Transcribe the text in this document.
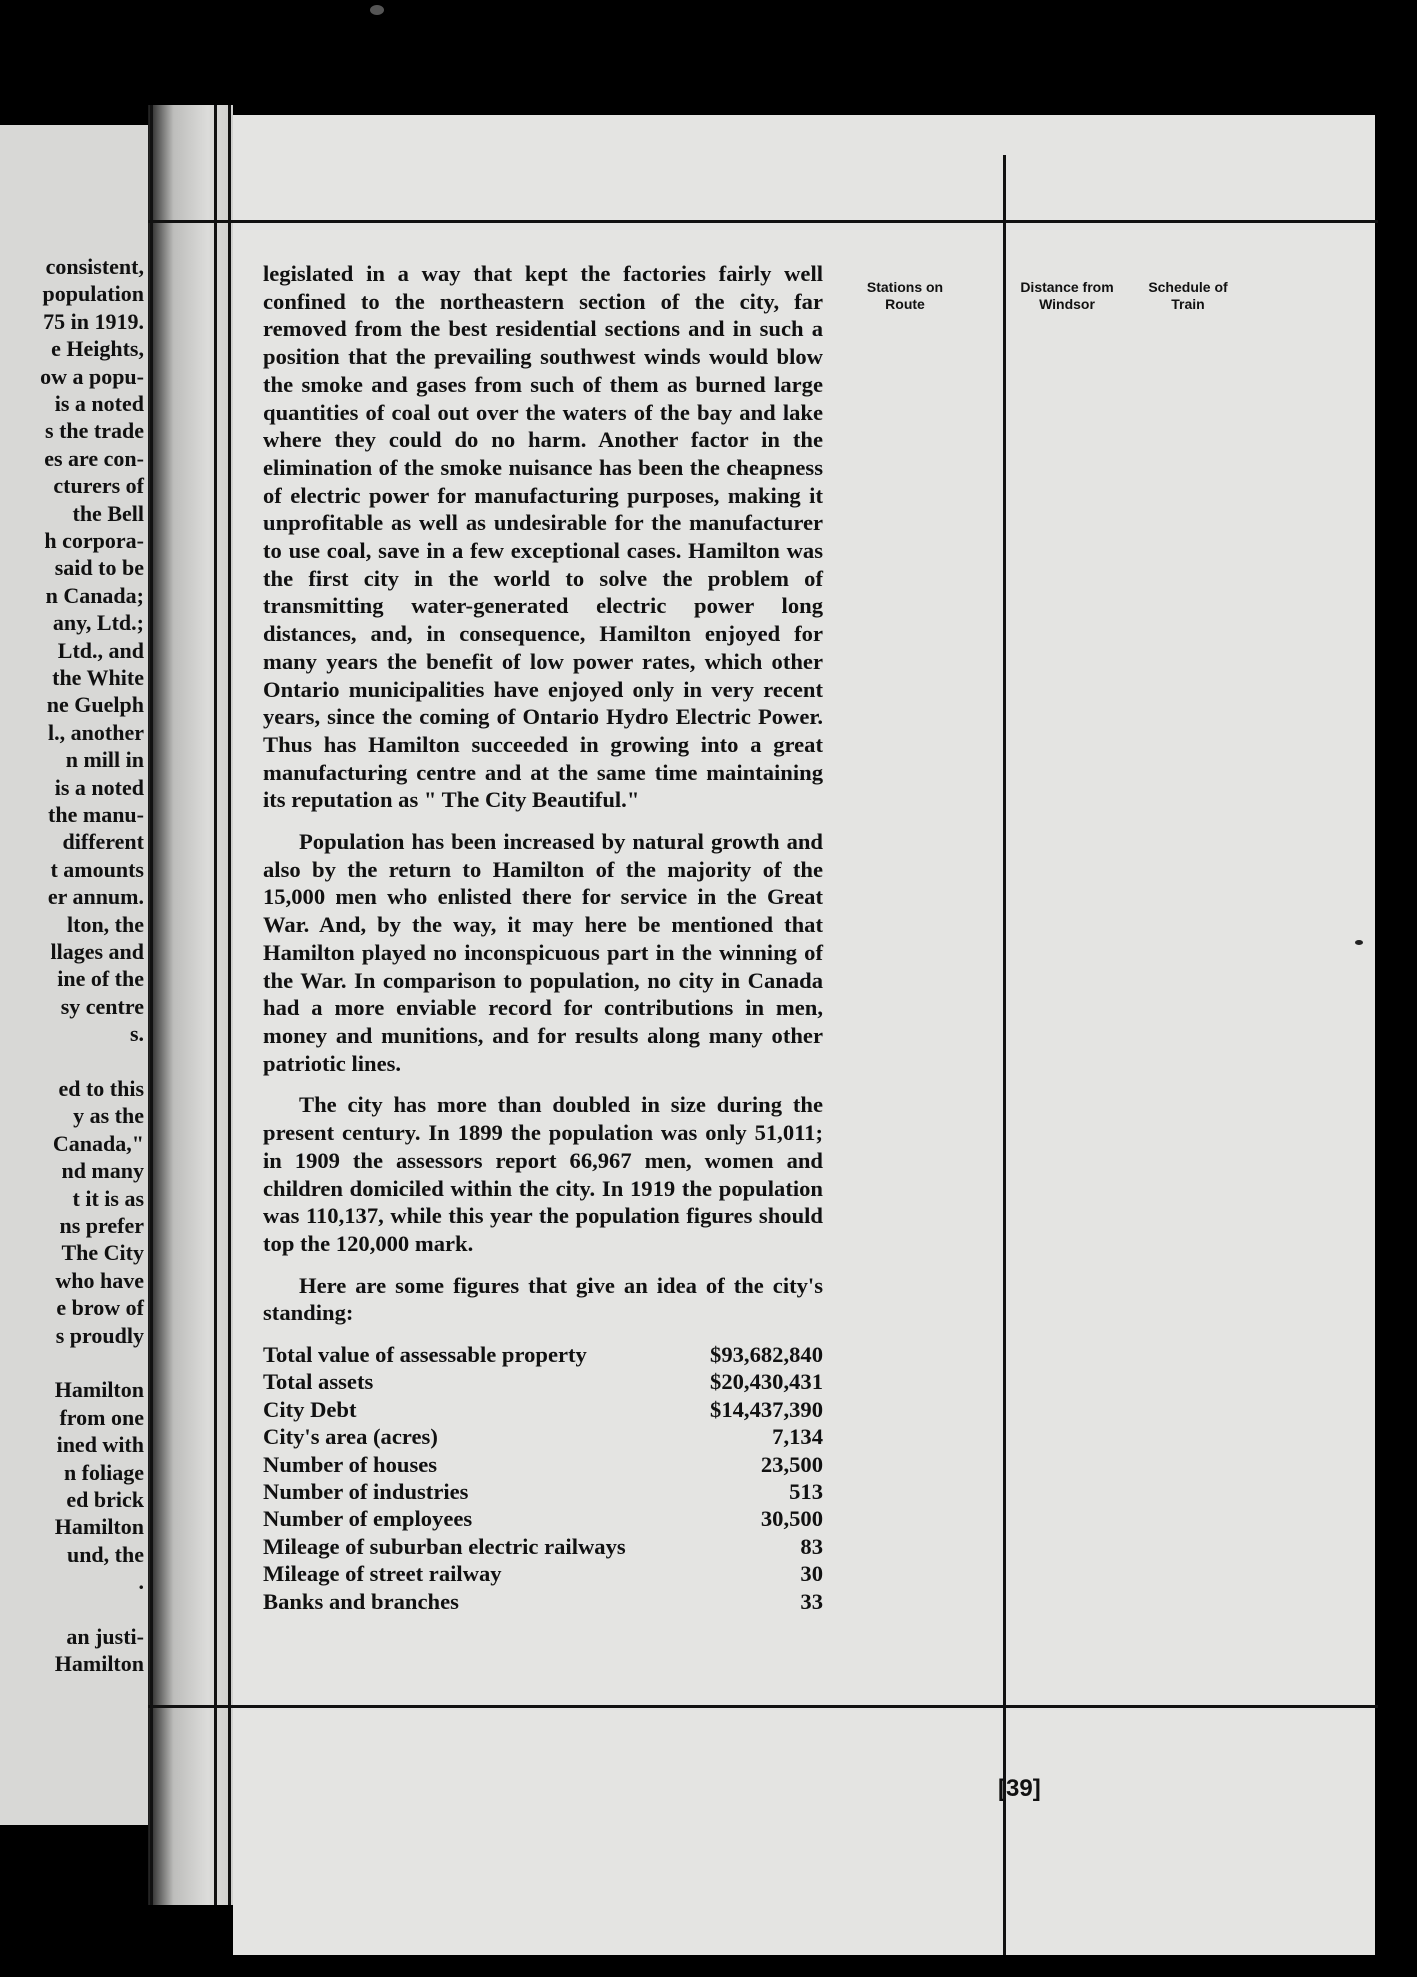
consistent,
population
75 in 1919.
e Heights,
ow a popu-
is a noted
s the trade
es are con-
cturers of
the Bell
h corpora-
said to be
n Canada;
any, Ltd.;
Ltd., and
the White
ne Guelph
l., another
n mill in
is a noted
the manu-
different
t amounts
er annum.
lton, the
llages and
ine of the
sy centre
s.
ed to this
y as the
Canada,"
nd many
t it is as
ns prefer
The City
who have
e brow of
s proudly
Hamilton
from one
ined with
n foliage
ed brick
Hamilton
und, the
.
an justi-
Hamilton
Stations on Route
Distance from Windsor
Schedule of Train

legislated in a way that kept the factories fairly well confined to the northeastern section of the city, far removed from the best residential sections and in such a position that the prevailing southwest winds would blow the smoke and gases from such of them as burned large quantities of coal out over the waters of the bay and lake where they could do no harm. Another factor in the elimination of the smoke nuisance has been the cheapness of electric power for manufacturing purposes, making it unprofitable as well as undesirable for the manufacturer to use coal, save in a few exceptional cases. Hamilton was the first city in the world to solve the problem of transmitting water-generated electric power long distances, and, in consequence, Hamilton enjoyed for many years the benefit of low power rates, which other Ontario municipalities have enjoyed only in very recent years, since the coming of Ontario Hydro Electric Power. Thus has Hamilton succeeded in growing into a great manufacturing centre and at the same time maintaining its reputation as " The City Beautiful."

Population has been increased by natural growth and also by the return to Hamilton of the majority of the 15,000 men who enlisted there for service in the Great War. And, by the way, it may here be mentioned that Hamilton played no inconspicuous part in the winning of the War. In comparison to population, no city in Canada had a more enviable record for contributions in men, money and munitions, and for results along many other patriotic lines.

The city has more than doubled in size during the present century. In 1899 the population was only 51,011; in 1909 the assessors report 66,967 men, women and children domiciled within the city. In 1919 the population was 110,137, while this year the population figures should top the 120,000 mark.

Here are some figures that give an idea of the city's standing:

Total value of assessable property		$93,682,840
Total assets		$20,430,431
City Debt		$14,437,390
City's area (acres)		7,134
Number of houses		23,500
Number of industries		513
Number of employees		30,500
Mileage of suburban electric railways		83
Mileage of street railway		30
Banks and branches		33
[39]
